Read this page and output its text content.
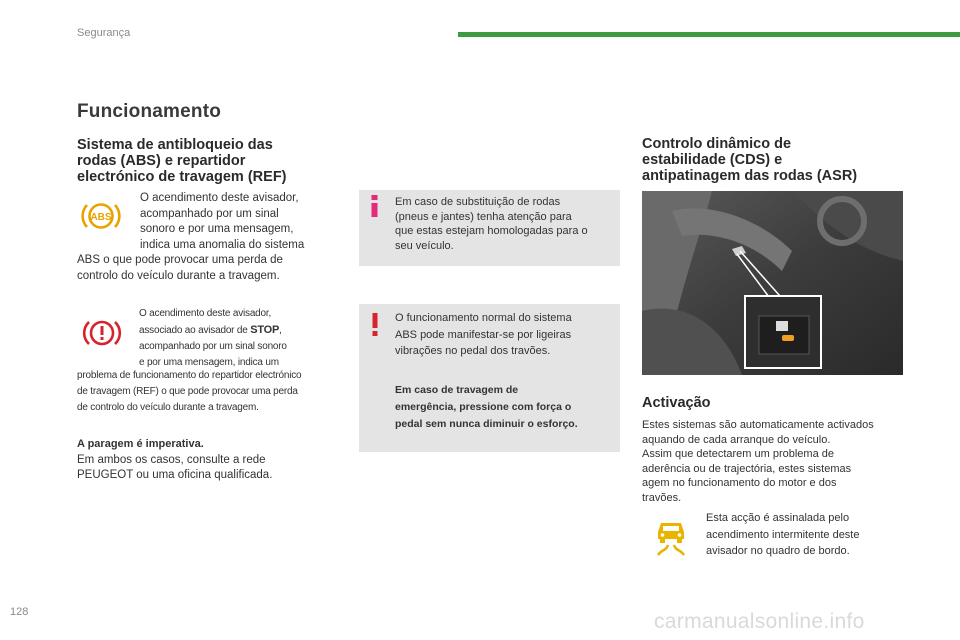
Segurança
Funcionamento
Sistema de antibloqueio das
rodas (ABS) e repartidor
electrónico de travagem (REF)
ABS
O acendimento deste avisador,
acompanhado por um sinal
sonoro e por uma mensagem,
indica uma anomalia do sistema
ABS o que pode provocar uma perda de
controlo do veículo durante a travagem.
O acendimento deste avisador,
associado ao avisador de STOP,
acompanhado por um sinal sonoro
e por uma mensagem, indica um
problema de funcionamento do repartidor electrónico
de travagem (REF) o que pode provocar uma perda
de controlo do veículo durante a travagem.
A paragem é imperativa.
Em ambos os casos, consulte a rede
PEUGEOT ou uma oficina qualificada.
Em caso de substituição de rodas
(pneus e jantes) tenha atenção para
que estas estejam homologadas para o
seu veículo.
O funcionamento normal do sistema
ABS pode manifestar-se por ligeiras
vibrações no pedal dos travões.
Em caso de travagem de
emergência, pressione com força o
pedal sem nunca diminuir o esforço.
Controlo dinâmico de
estabilidade (CDS) e
antipatinagem das rodas (ASR)
Activação
Estes sistemas são automaticamente activados
aquando de cada arranque do veículo.
Assim que detectarem um problema de
aderência ou de trajectória, estes sistemas
agem no funcionamento do motor e dos
travões.
Esta acção é assinalada pelo
acendimento intermitente deste
avisador no quadro de bordo.
128	carmanualsonline.info
